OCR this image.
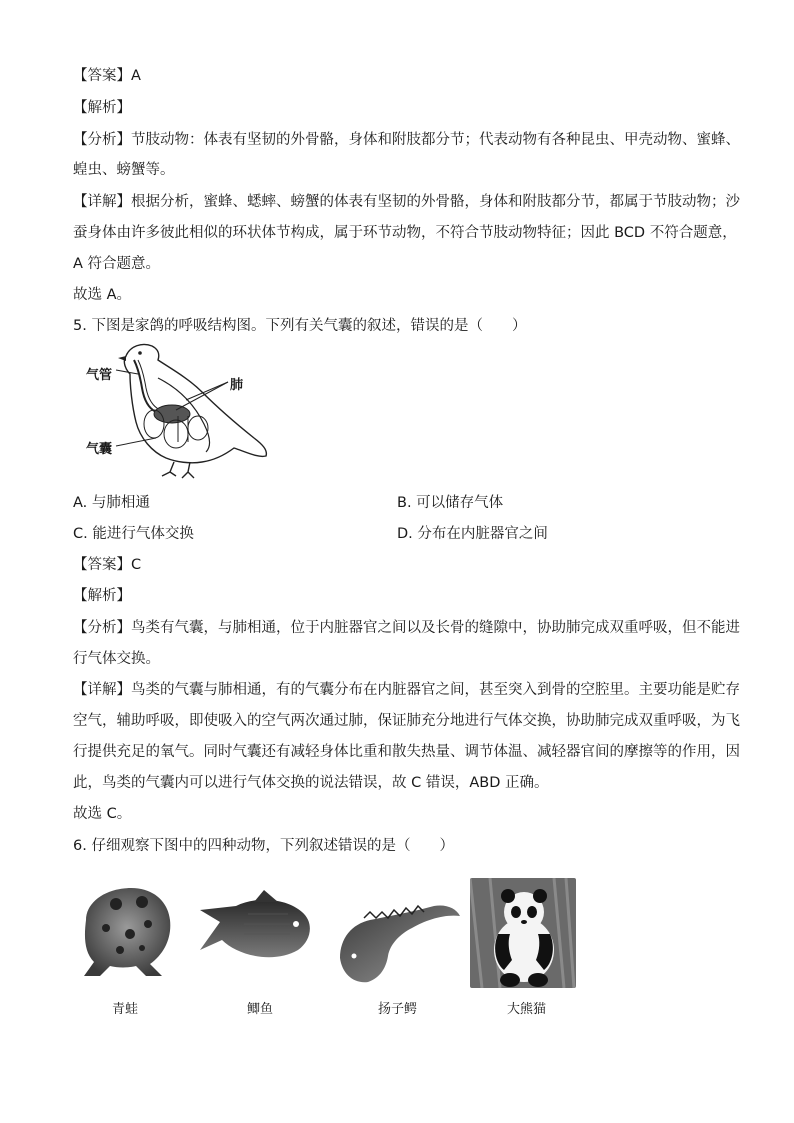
【答案】A
【解析】
【分析】节肢动物：体表有坚韧的外骨骼，身体和附肢都分节；代表动物有各种昆虫、甲壳动物、蜜蜂、
蝗虫、螃蟹等。
【详解】根据分析，蜜蜂、蟋蟀、螃蟹的体表有坚韧的外骨骼，身体和附肢都分节，都属于节肢动物；沙
蚕身体由许多彼此相似的环状体节构成，属于环节动物，不符合节肢动物特征；因此 BCD 不符合题意，
A 符合题意。
故选 A。
5. 下图是家鸽的呼吸结构图。下列有关气囊的叙述，错误的是（　　）
气管
肺
气囊
A. 与肺相通	B. 可以储存气体
C. 能进行气体交换	D. 分布在内脏器官之间
【答案】C
【解析】
【分析】鸟类有气囊，与肺相通，位于内脏器官之间以及长骨的缝隙中，协助肺完成双重呼吸，但不能进
行气体交换。
【详解】鸟类的气囊与肺相通，有的气囊分布在内脏器官之间，甚至突入到骨的空腔里。主要功能是贮存
空气，辅助呼吸，即使吸入的空气两次通过肺，保证肺充分地进行气体交换，协助肺完成双重呼吸，为飞
行提供充足的氧气。同时气囊还有减轻身体比重和散失热量、调节体温、减轻器官间的摩擦等的作用，因
此，鸟类的气囊内可以进行气体交换的说法错误，故 C 错误，ABD 正确。
故选 C。
6. 仔细观察下图中的四种动物，下列叙述错误的是（　　）
青蛙	鲫鱼	扬子鳄	大熊猫
